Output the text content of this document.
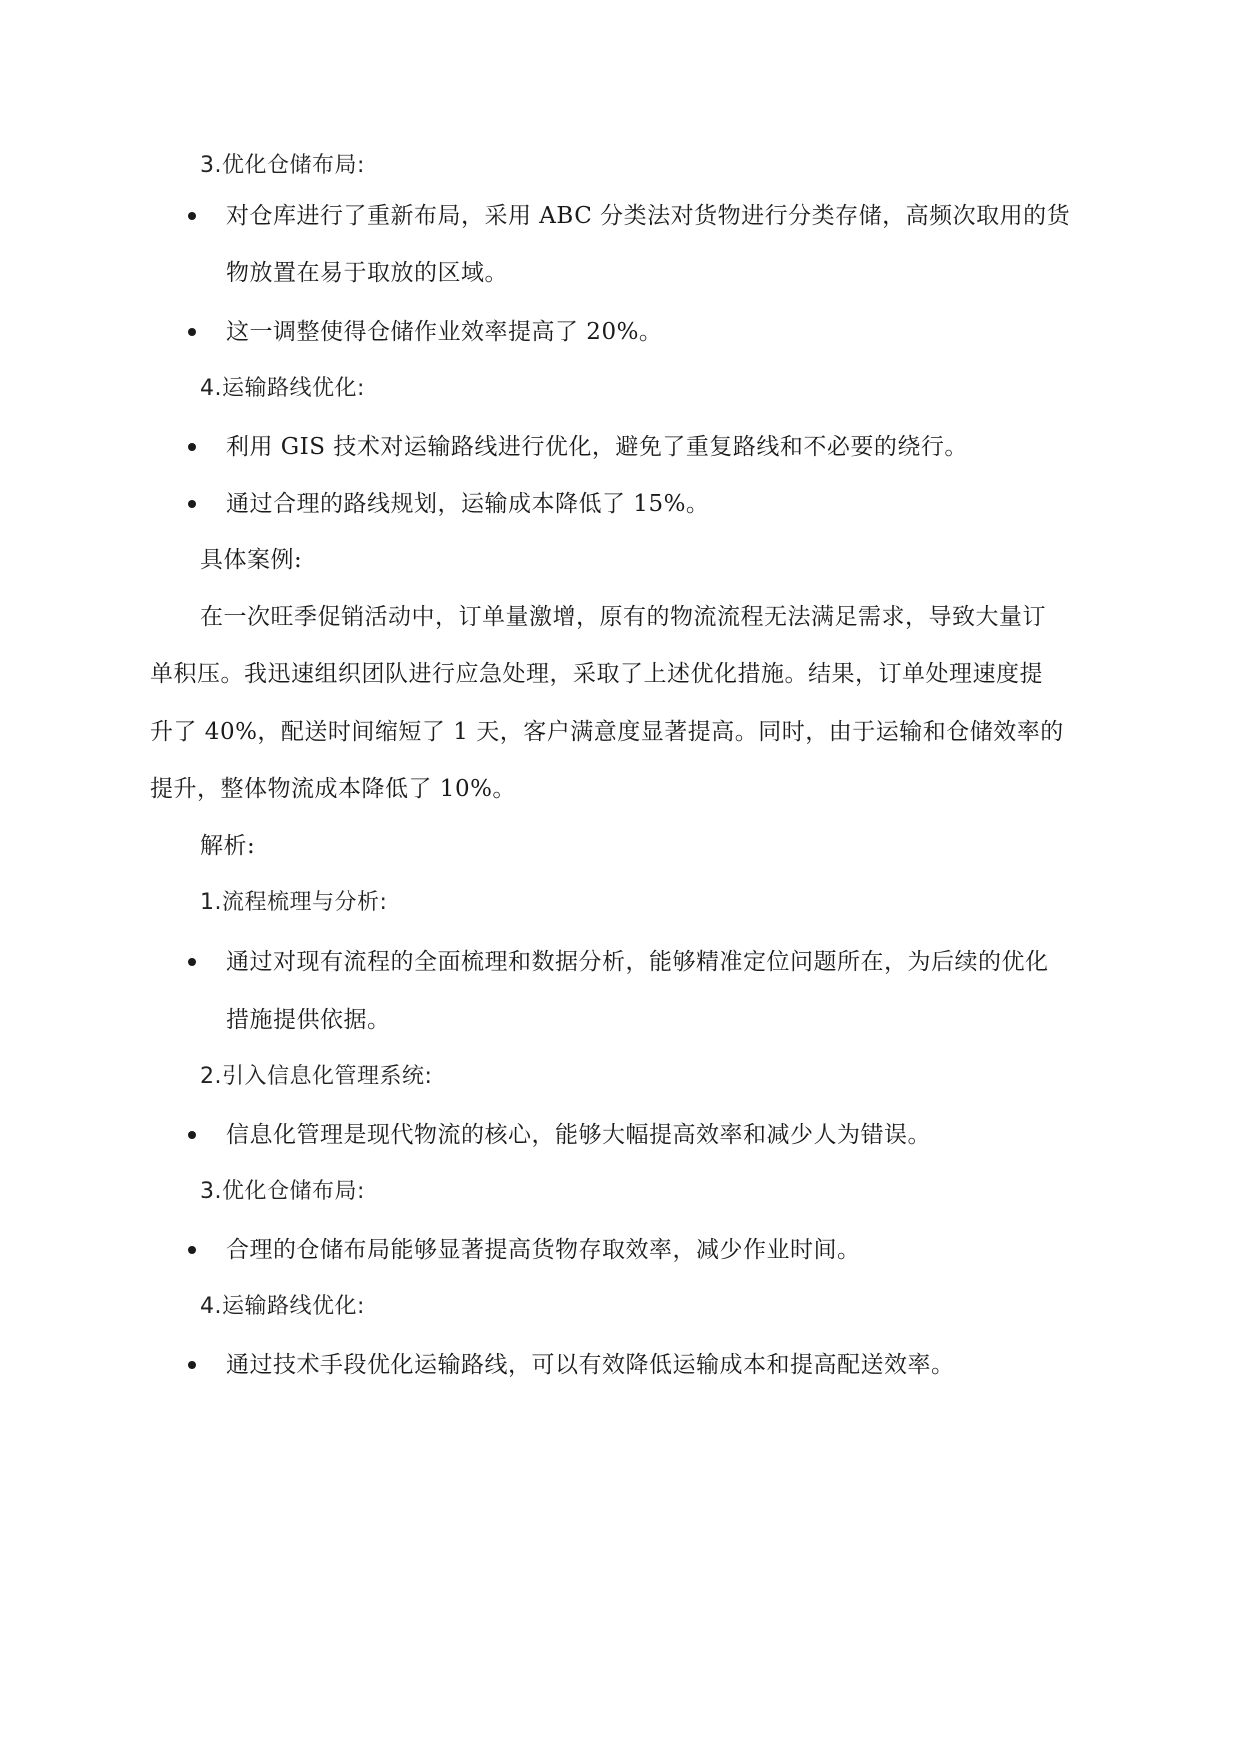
3.优化仓储布局:
对仓库进行了重新布局，采用 ABC 分类法对货物进行分类存储，高频次取用的货
物放置在易于取放的区域。
这一调整使得仓储作业效率提高了 20%。
4.运输路线优化:
利用 GIS 技术对运输路线进行优化，避免了重复路线和不必要的绕行。
通过合理的路线规划，运输成本降低了 15%。
具体案例:
在一次旺季促销活动中，订单量激增，原有的物流流程无法满足需求，导致大量订
单积压。我迅速组织团队进行应急处理，采取了上述优化措施。结果，订单处理速度提
升了 40%，配送时间缩短了 1 天，客户满意度显著提高。同时，由于运输和仓储效率的
提升，整体物流成本降低了 10%。
解析:
1.流程梳理与分析:
通过对现有流程的全面梳理和数据分析，能够精准定位问题所在，为后续的优化
措施提供依据。
2.引入信息化管理系统:
信息化管理是现代物流的核心，能够大幅提高效率和减少人为错误。
3.优化仓储布局:
合理的仓储布局能够显著提高货物存取效率，减少作业时间。
4.运输路线优化:
通过技术手段优化运输路线，可以有效降低运输成本和提高配送效率。
